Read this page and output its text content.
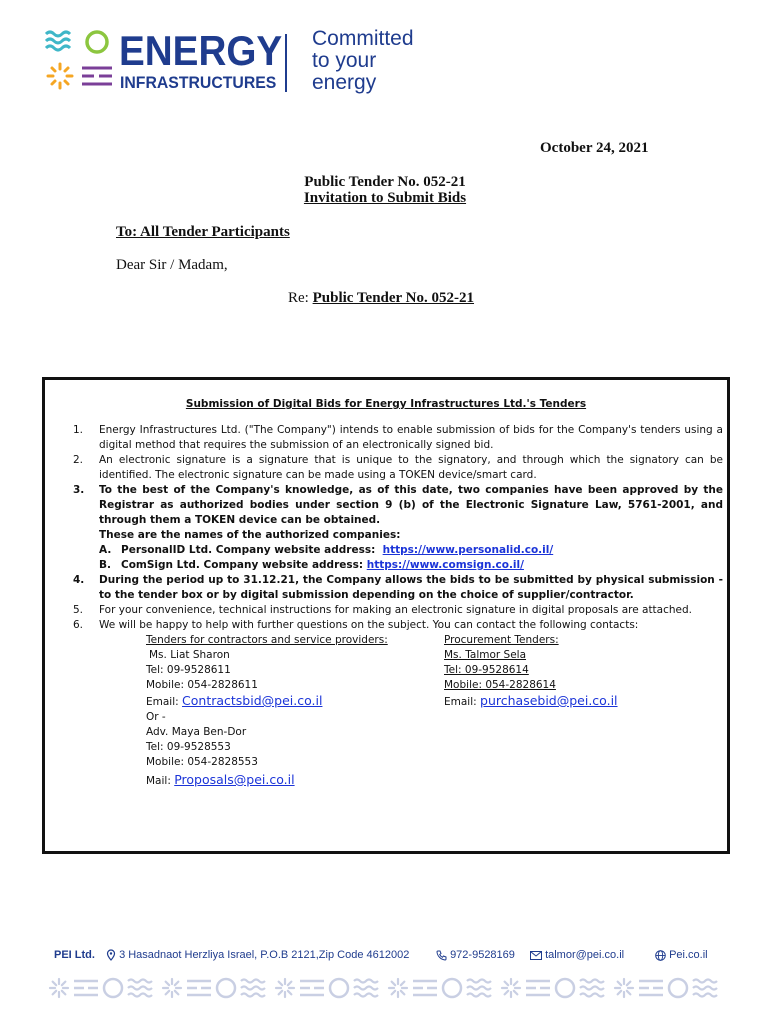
ENERGY
INFRASTRUCTURES
Committed
to your
energy
October 24, 2021
Public Tender No. 052-21
Invitation to Submit Bids
To: All Tender Participants
Dear Sir / Madam,
Re: Public Tender No. 052-21
Submission of Digital Bids for Energy Infrastructures Ltd.'s Tenders
1. Energy Infrastructures Ltd. ("The Company") intends to enable submission of bids for the Company's tenders using a digital method that requires the submission of an electronically signed bid.
2. An electronic signature is a signature that is unique to the signatory, and through which the signatory can be identified. The electronic signature can be made using a TOKEN device/smart card.
3. To the best of the Company's knowledge, as of this date, two companies have been approved by the Registrar as authorized bodies under section 9 (b) of the Electronic Signature Law, 5761-2001, and through them a TOKEN device can be obtained.
These are the names of the authorized companies:
A. PersonalID Ltd. Company website address: https://www.personalid.co.il/
B. ComSign Ltd. Company website address: https://www.comsign.co.il/
4. During the period up to 31.12.21, the Company allows the bids to be submitted by physical submission - to the tender box or by digital submission depending on the choice of supplier/contractor.
5. For your convenience, technical instructions for making an electronic signature in digital proposals are attached.
6. We will be happy to help with further questions on the subject. You can contact the following contacts:
Tenders for contractors and service providers:
Ms. Liat Sharon
Tel: 09-9528611
Mobile: 054-2828611
Email: Contractsbid@pei.co.il
Or -
Adv. Maya Ben-Dor
Tel: 09-9528553
Mobile: 054-2828553
Mail: Proposals@pei.co.il
Procurement Tenders:
Ms. Talmor Sela
Tel: 09-9528614
Mobile: 054-2828614
Email: purchasebid@pei.co.il
PEI Ltd.	3 Hasadnaot Herzliya Israel, P.O.B 2121,Zip Code 4612002	972-9528169	talmor@pei.co.il	Pei.co.il
